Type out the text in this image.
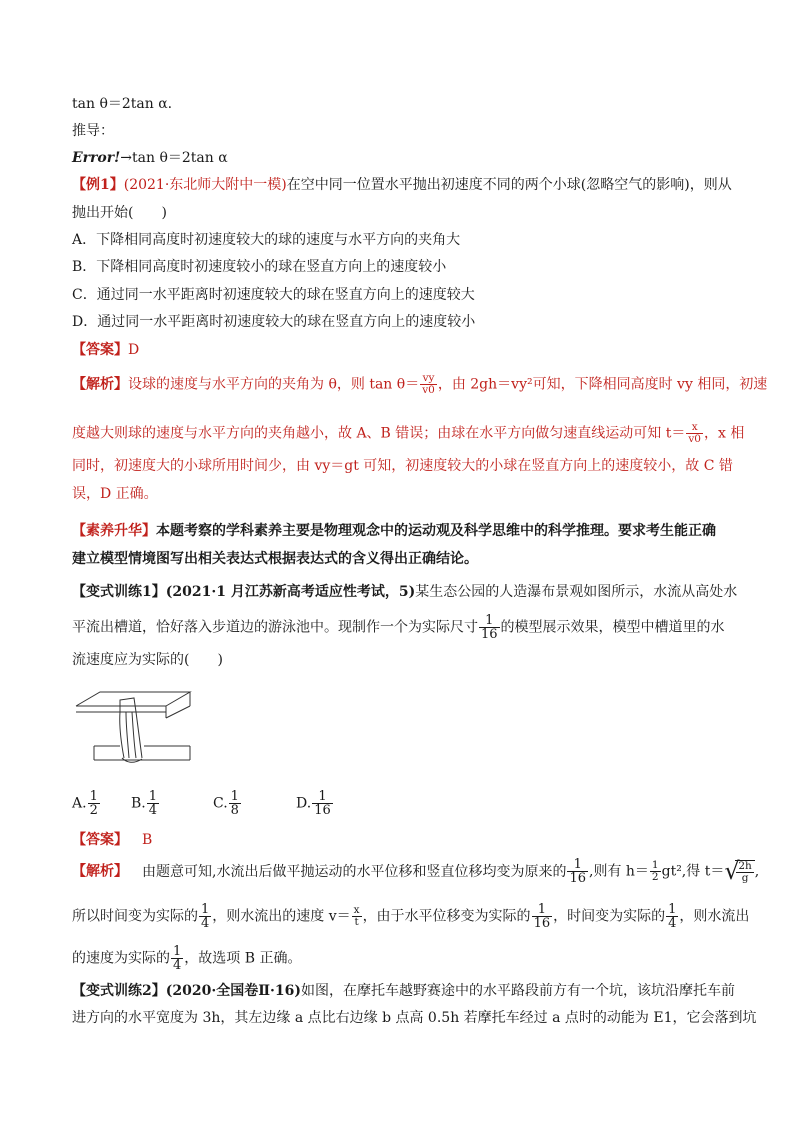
tan θ＝2tan α.
推导：
Error!→tan θ＝2tan α
【例1】(2021·东北师大附中一模)在空中同一位置水平抛出初速度不同的两个小球(忽略空气的影响)，则从
抛出开始(　　)
A．下降相同高度时初速度较大的球的速度与水平方向的夹角大
B．下降相同高度时初速度较小的球在竖直方向上的速度较小
C．通过同一水平距离时初速度较大的球在竖直方向上的速度较大
D．通过同一水平距离时初速度较大的球在竖直方向上的速度较小
【答案】D
【解析】设球的速度与水平方向的夹角为 θ，则 $\tan \theta= \frac{vy}{v0}$ ，由 2gh＝vy²可知，下降相同高度时 vy 相同，初速
度越大则球的速度与水平方向的夹角越小，故 A、B 错误；由球在水平方向做匀速直线运动可知 $t= \frac{x}{v0}$ ，x 相
同时，初速度大的小球所用时间少，由 vy＝gt 可知，初速度较大的小球在竖直方向上的速度较小，故 C 错
误，D 正确。
【素养升华】本题考察的学科素养主要是物理观念中的运动观及科学思维中的科学推理。要求考生能正确
建立模型情境图写出相关表达式根据表达式的含义得出正确结论。
【变式训练1】(2021·1 月江苏新高考适应性考试，5)某生态公园的人造瀑布景观如图所示，水流从高处水
平流出槽道，恰好落入步道边的游泳池中。现制作一个为实际尺寸 $\frac{1}{16}$ 的模型展示效果，模型中槽道里的水
流速度应为实际的(　　)
A. $\frac{1}{2} B$. $\frac{1}{4}$	C. $\frac{1}{8}$	D. $\frac{1}{16}$
【答案】 B
【解析】 由题意可知,水流出后做平抛运动的水平位移和竖直位移均变为原来的 $\frac{1}{16}$ ,则有 $h= \frac{1}{2} gt^2$,得 t＝ √
$\frac{2h}{g}$ ,
所以时间变为实际的 $\frac{1}{4}$ ，则水流出的速度 $v= \frac{x}{t}$ ，由于水平位移变为实际的 $\frac{1}{16}$ ，时间变为实际的 $\frac{1}{4}$ ，则水流出
的速度为实际的 $\frac{1}{4}$ ，故选项 B 正确。
【变式训练2】(2020·全国卷Ⅱ·16)如图，在摩托车越野赛途中的水平路段前方有一个坑，该坑沿摩托车前
进方向的水平宽度为 3h，其左边缘 a 点比右边缘 b 点高 0.5h 若摩托车经过 a 点时的动能为 E1，它会落到坑
